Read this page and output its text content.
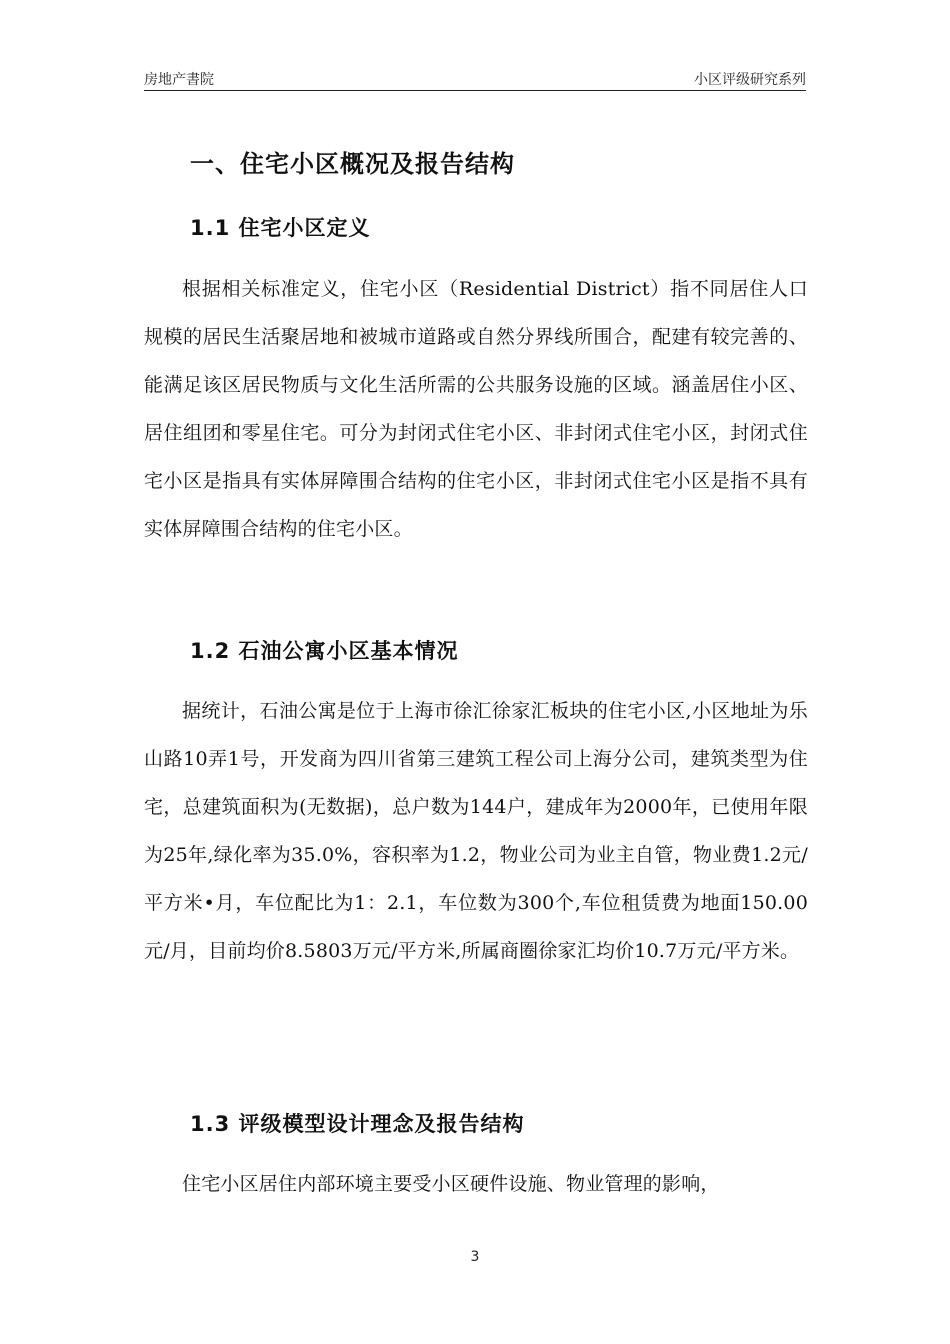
房地产書院	小区评级研究系列
一、住宅小区概况及报告结构
1.1 住宅小区定义

根据相关标准定义，住宅小区（Residential District）指不同居住人口规模的居民生活聚居地和被城市道路或自然分界线所围合，配建有较完善的、能满足该区居民物质与文化生活所需的公共服务设施的区域。涵盖居住小区、居住组团和零星住宅。可分为封闭式住宅小区、非封闭式住宅小区，封闭式住宅小区是指具有实体屏障围合结构的住宅小区，非封闭式住宅小区是指不具有实体屏障围合结构的住宅小区。

1.2 石油公寓小区基本情况

据统计，石油公寓是位于上海市徐汇徐家汇板块的住宅小区,小区地址为乐山路10弄1号，开发商为四川省第三建筑工程公司上海分公司，建筑类型为住宅，总建筑面积为(无数据)，总户数为144户，建成年为2000年，已使用年限为25年,绿化率为35.0%，容积率为1.2，物业公司为业主自管，物业费1.2元/平方米•月，车位配比为1：2.1，车位数为300个,车位租赁费为地面150.00元/月，目前均价8.5803万元/平方米,所属商圈徐家汇均价10.7万元/平方米。

1.3 评级模型设计理念及报告结构

住宅小区居住内部环境主要受小区硬件设施、物业管理的影响，

3
